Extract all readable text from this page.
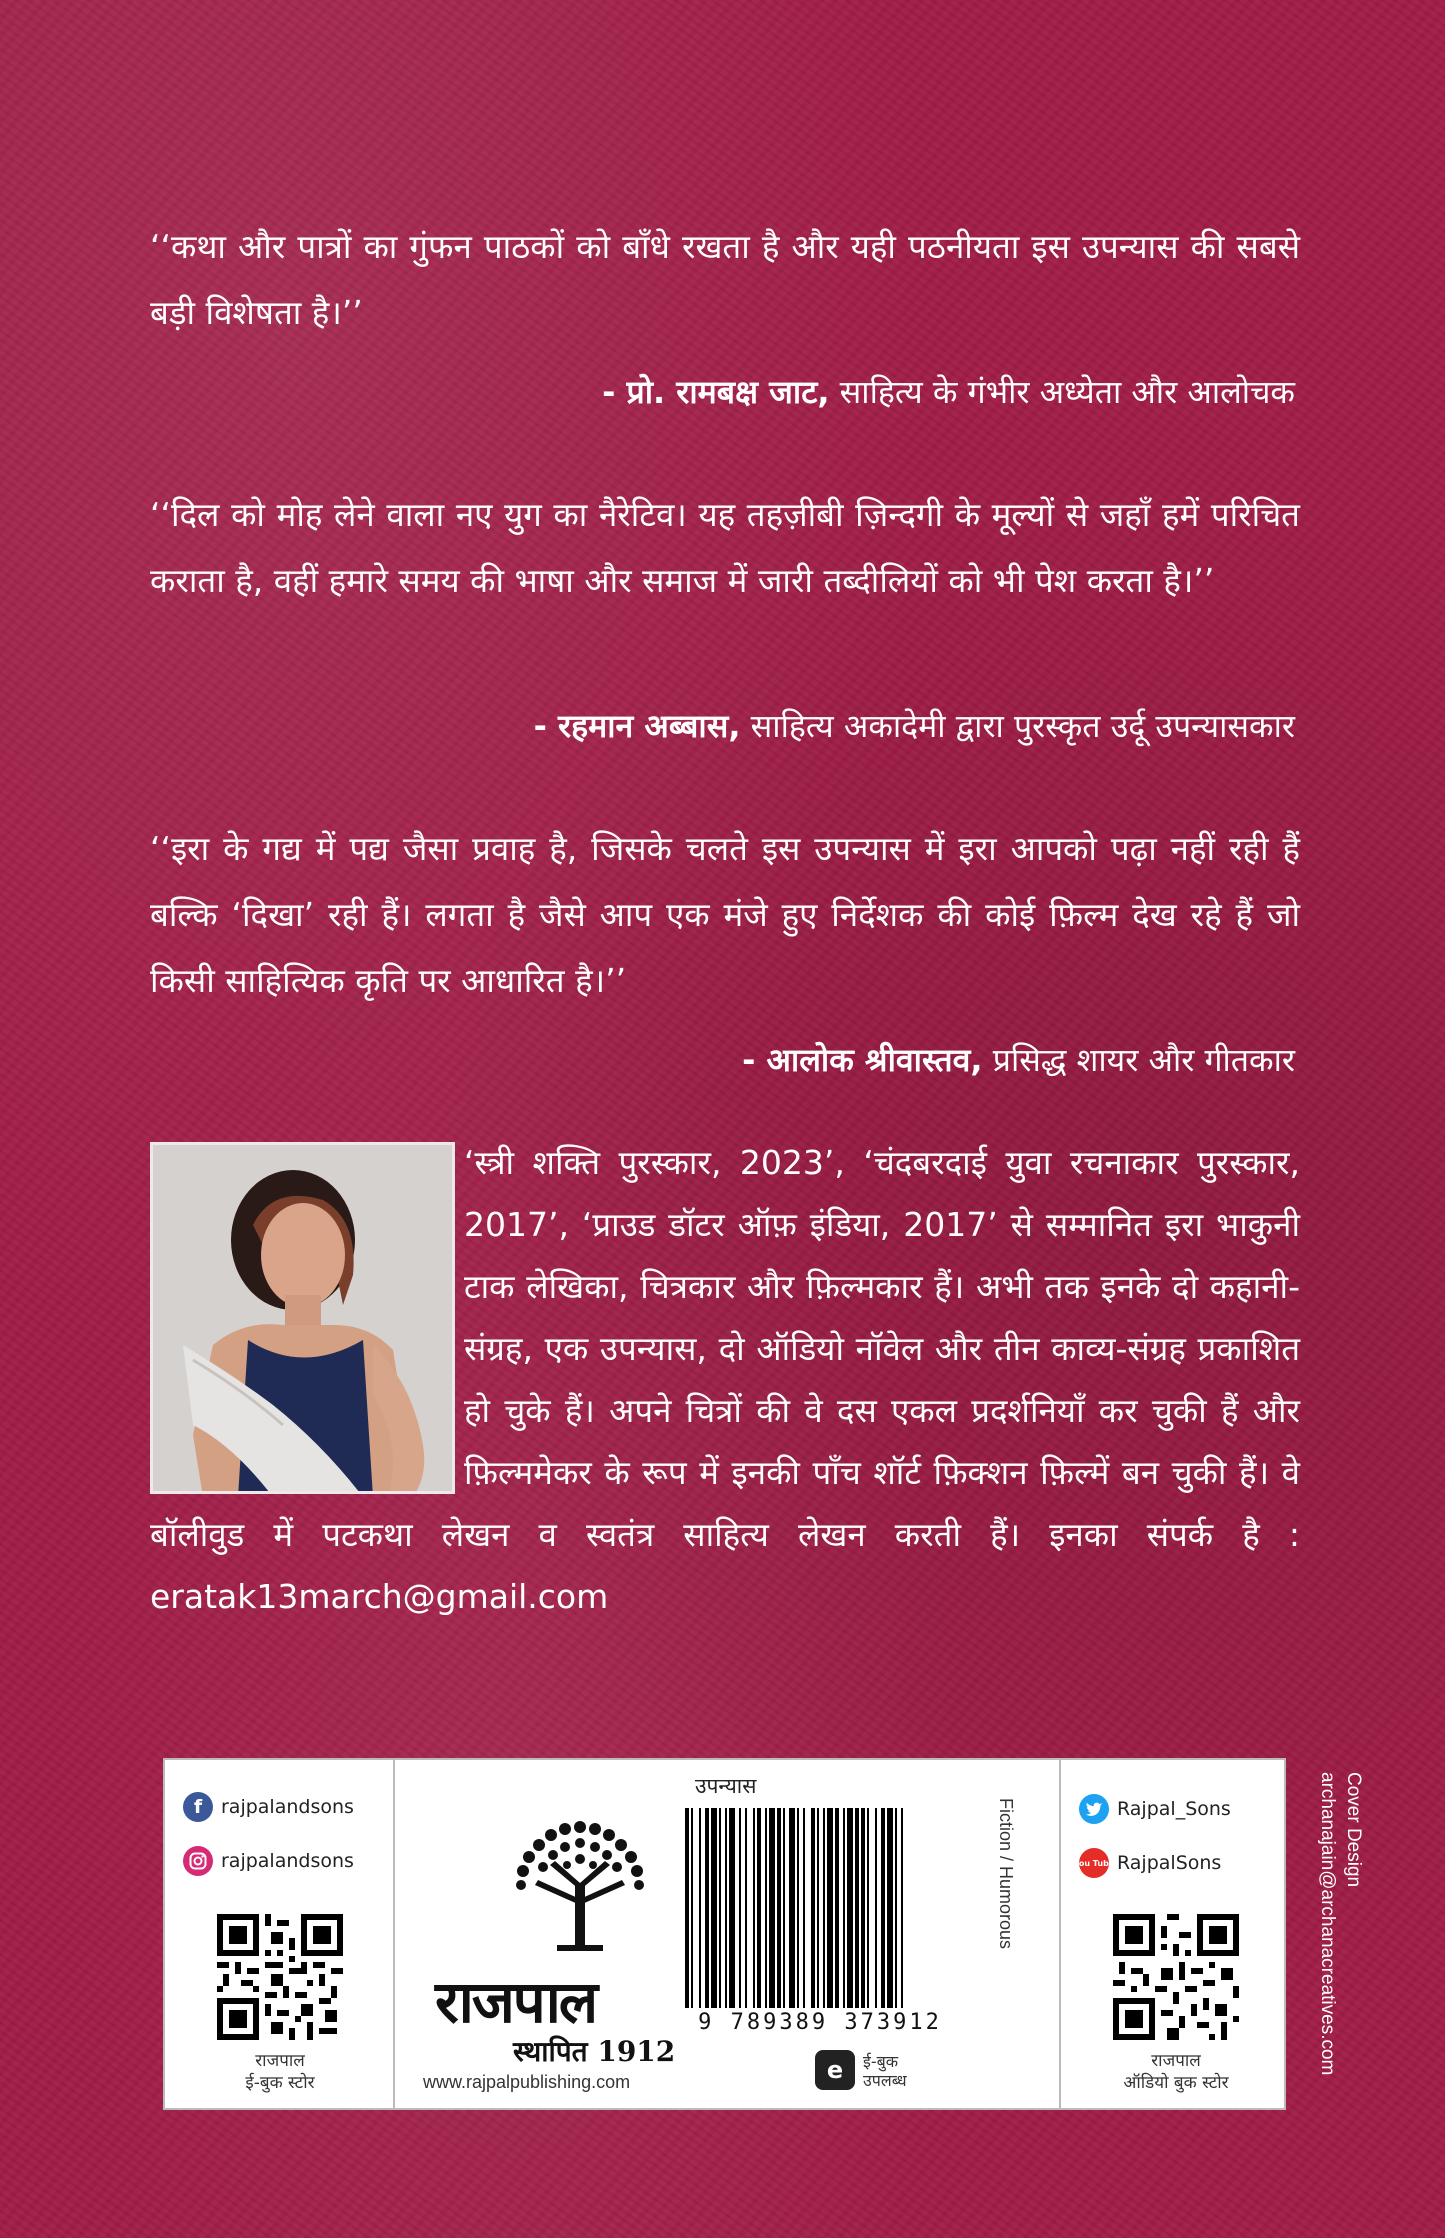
‘‘कथा और पात्रों का गुंफन पाठकों को बाँधे रखता है और यही पठनीयता इस उपन्यास की सबसे बड़ी विशेषता है।’’

- प्रो. रामबक्ष जाट, साहित्य के गंभीर अध्येता और आलोचक

‘‘दिल को मोह लेने वाला नए युग का नैरेटिव। यह तहज़ीबी ज़िन्दगी के मूल्यों से जहाँ हमें परिचित कराता है, वहीं हमारे समय की भाषा और समाज में जारी तब्दीलियों को भी पेश करता है।’’

- रहमान अब्बास, साहित्य अकादेमी द्वारा पुरस्कृत उर्दू उपन्यासकार

‘‘इरा के गद्य में पद्य जैसा प्रवाह है, जिसके चलते इस उपन्यास में इरा आपको पढ़ा नहीं रही हैं बल्कि ‘दिखा’ रही हैं। लगता है जैसे आप एक मंजे हुए निर्देशक की कोई फ़िल्म देख रहे हैं जो किसी साहित्यिक कृति पर आधारित है।’’

- आलोक श्रीवास्तव, प्रसिद्ध शायर और गीतकार

‘स्त्री शक्ति पुरस्कार, 2023’, ‘चंदबरदाई युवा रचनाकार पुरस्कार, 2017’, ‘प्राउड डॉटर ऑफ़ इंडिया, 2017’ से सम्मानित इरा भाकुनी टाक लेखिका, चित्रकार और फ़िल्मकार हैं। अभी तक इनके दो कहानी-संग्रह, एक उपन्यास, दो ऑडियो नॉवेल और तीन काव्य-संग्रह प्रकाशित हो चुके हैं। अपने चित्रों की वे दस एकल प्रदर्शनियाँ कर चुकी हैं और फ़िल्ममेकर के रूप में इनकी पाँच शॉर्ट फ़िक्शन फ़िल्में बन चुकी हैं। वे बॉलीवुड में पटकथा लेखन व स्वतंत्र साहित्य लेखन करती हैं। इनका संपर्क है : eratak13march@gmail.com
f rajpalandsons
rajpalandsons
राजपाल
ई-बुक स्टोर
राजपाल
स्थापित 1912
www.rajpalpublishing.com
उपन्यास
9 789389 373912
e	ई-बुक
उपलब्ध
Fiction / Humorous	Rajpal_Sons
You Tube RajpalSons
राजपाल
ऑडियो बुक स्टोर
Cover Design
archanajain@archanacreatives.com
